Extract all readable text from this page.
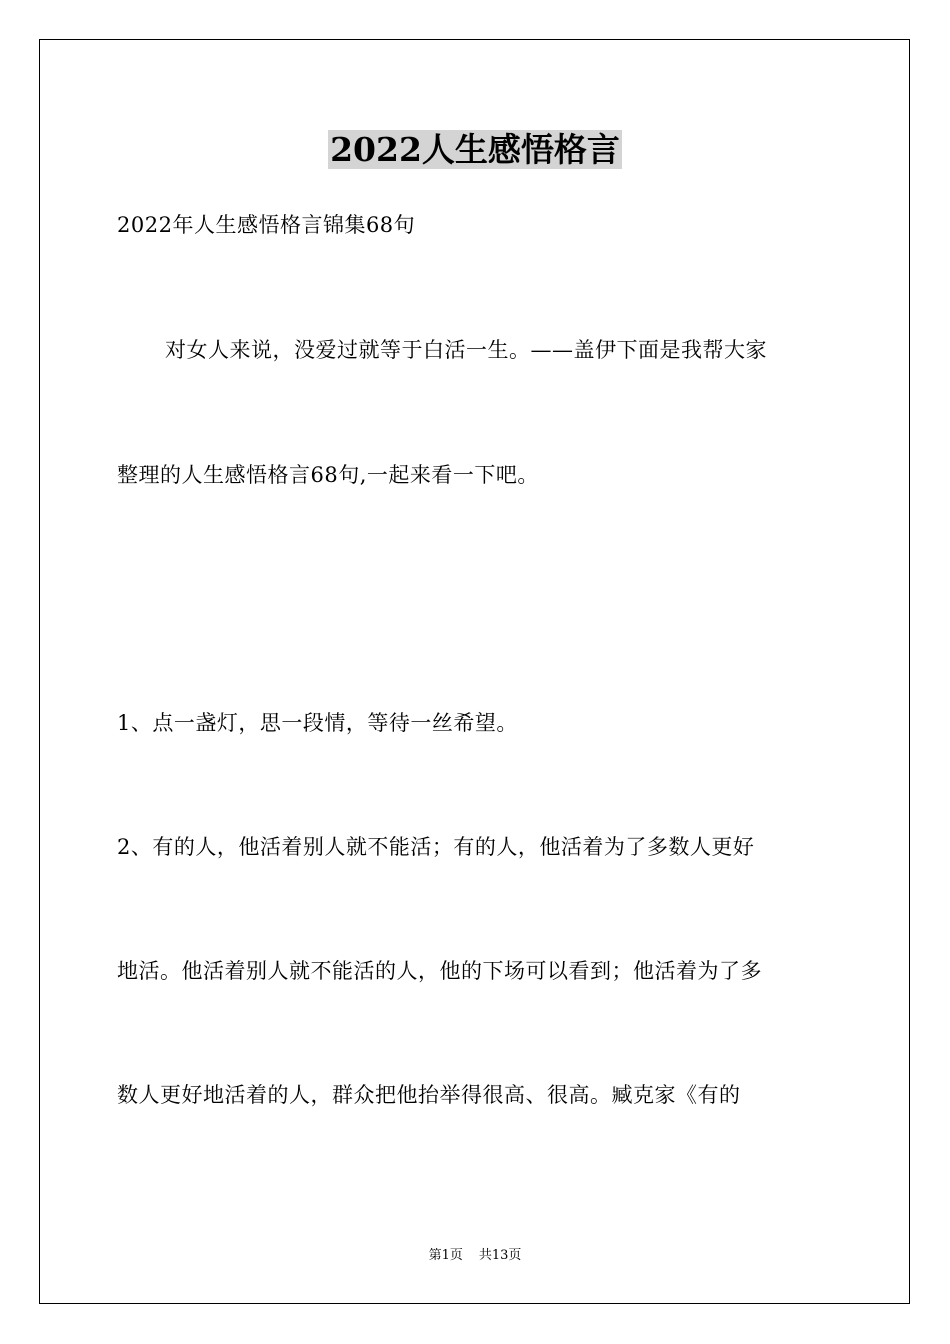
2022人生感悟格言

2022年人生感悟格言锦集68句

对女人来说，没爱过就等于白活一生。——盖伊下面是我帮大家

整理的人生感悟格言68句,一起来看一下吧。

1、点一盏灯，思一段情，等待一丝希望。

2、有的人，他活着别人就不能活；有的人，他活着为了多数人更好

地活。他活着别人就不能活的人，他的下场可以看到；他活着为了多

数人更好地活着的人，群众把他抬举得很高、很高。臧克家《有的

第1页 共13页
